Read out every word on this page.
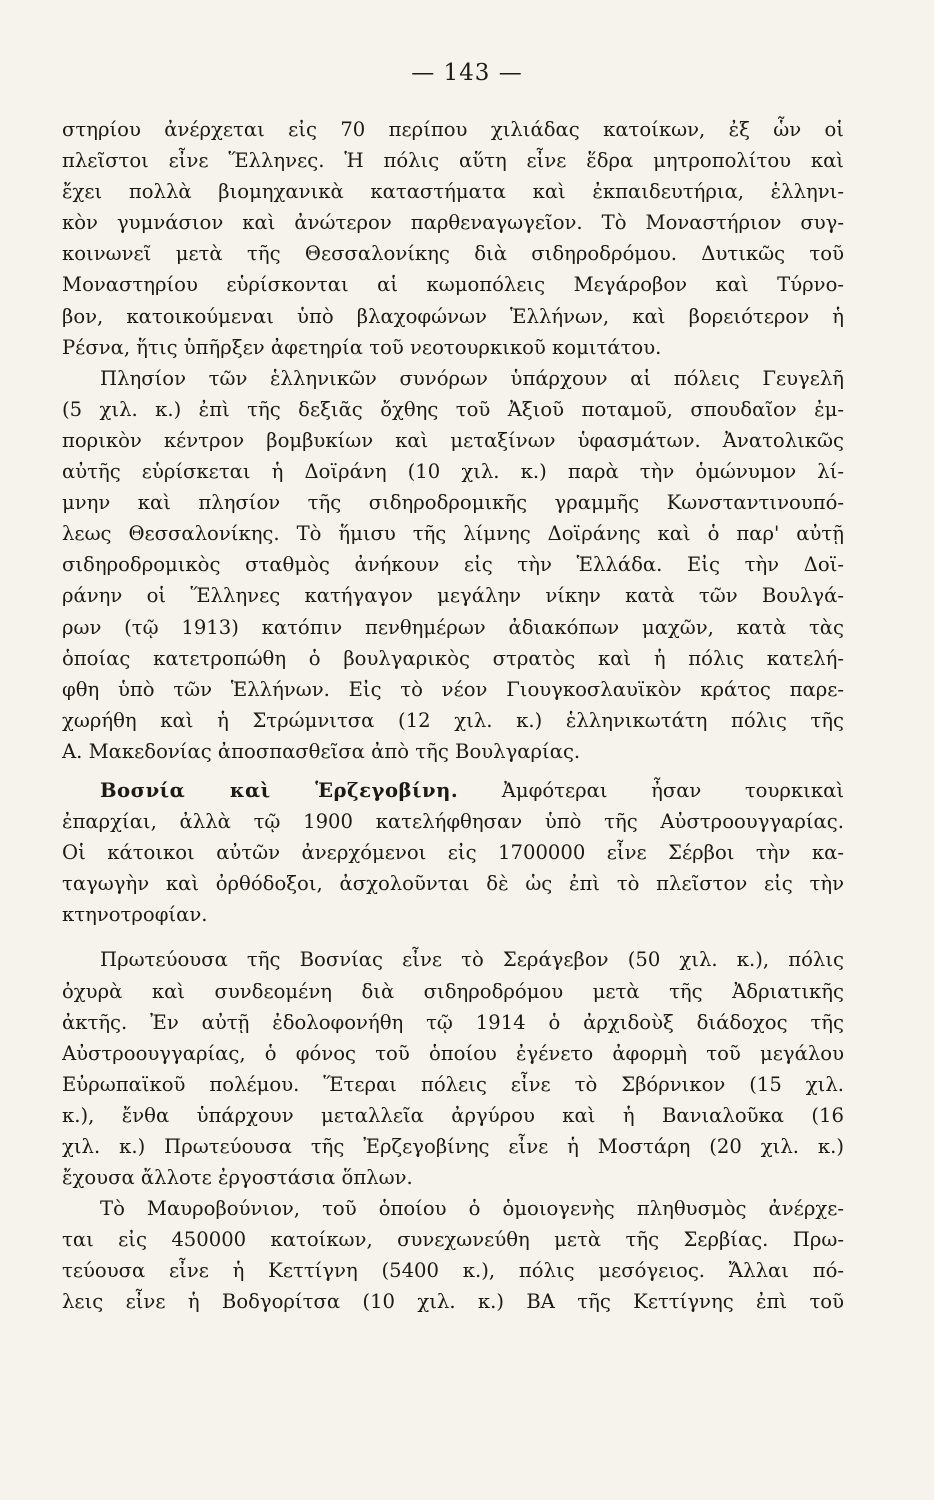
— 143 —
στηρίου ἀνέρχεται εἰς 70 περίπου χιλιάδας κατοίκων, ἐξ ὧν οἱ
πλεῖστοι εἶνε Ἕλληνες. Ἡ πόλις αὕτη εἶνε ἕδρα μητροπολίτου καὶ
ἔχει πολλὰ βιομηχανικὰ καταστήματα καὶ ἐκπαιδευτήρια, ἑλληνι-
κὸν γυμνάσιον καὶ ἀνώτερον παρθεναγωγεῖον. Τὸ Μοναστήριον συγ-
κοινωνεῖ μετὰ τῆς Θεσσαλονίκης διὰ σιδηροδρόμου. Δυτικῶς τοῦ
Μοναστηρίου εὑρίσκονται αἱ κωμοπόλεις Μεγάροβον καὶ Τύρνο-
βον, κατοικούμεναι ὑπὸ βλαχοφώνων Ἑλλήνων, καὶ βορειότερον ἡ
Ρέσνα, ἥτις ὑπῆρξεν ἀφετηρία τοῦ νεοτουρκικοῦ κομιτάτου.
Πλησίον τῶν ἑλληνικῶν συνόρων ὑπάρχουν αἱ πόλεις Γευγελῆ
(5 χιλ. κ.) ἐπὶ τῆς δεξιᾶς ὄχθης τοῦ Ἀξιοῦ ποταμοῦ, σπουδαῖον ἐμ-
πορικὸν κέντρον βομβυκίων καὶ μεταξίνων ὑφασμάτων. Ἀνατολικῶς
αὐτῆς εὑρίσκεται ἡ Δοϊράνη (10 χιλ. κ.) παρὰ τὴν ὁμώνυμον λί-
μνην καὶ πλησίον τῆς σιδηροδρομικῆς γραμμῆς Κωνσταντινουπό-
λεως Θεσσαλονίκης. Τὸ ἥμισυ τῆς λίμνης Δοϊράνης καὶ ὁ παρ' αὐτῇ
σιδηροδρομικὸς σταθμὸς ἀνήκουν εἰς τὴν Ἑλλάδα. Εἰς τὴν Δοϊ-
ράνην οἱ Ἕλληνες κατήγαγον μεγάλην νίκην κατὰ τῶν Βουλγά-
ρων (τῷ 1913) κατόπιν πενθημέρων ἀδιακόπων μαχῶν, κατὰ τὰς
ὁποίας κατετροπώθη ὁ βουλγαρικὸς στρατὸς καὶ ἡ πόλις κατελή-
φθη ὑπὸ τῶν Ἑλλήνων. Εἰς τὸ νέον Γιουγκοσλαυϊκὸν κράτος παρε-
χωρήθη καὶ ἡ Στρώμνιτσα (12 χιλ. κ.) ἑλληνικωτάτη πόλις τῆς
Α. Μακεδονίας ἀποσπασθεῖσα ἀπὸ τῆς Βουλγαρίας.
Βοσνία καὶ Ἑρζεγοβίνη. Ἀμφότεραι ἦσαν τουρκικαὶ
ἐπαρχίαι, ἀλλὰ τῷ 1900 κατελήφθησαν ὑπὸ τῆς Αὐστροουγγαρίας.
Οἱ κάτοικοι αὐτῶν ἀνερχόμενοι εἰς 1700000 εἶνε Σέρβοι τὴν κα-
ταγωγὴν καὶ ὀρθόδοξοι, ἀσχολοῦνται δὲ ὡς ἐπὶ τὸ πλεῖστον εἰς τὴν
κτηνοτροφίαν.
Πρωτεύουσα τῆς Βοσνίας εἶνε τὸ Σεράγεβον (50 χιλ. κ.), πόλις
ὀχυρὰ καὶ συνδεομένη διὰ σιδηροδρόμου μετὰ τῆς Ἀδριατικῆς
ἀκτῆς. Ἐν αὐτῇ ἐδολοφονήθη τῷ 1914 ὁ ἀρχιδοὺξ διάδοχος τῆς
Αὐστροουγγαρίας, ὁ φόνος τοῦ ὁποίου ἐγένετο ἀφορμὴ τοῦ μεγάλου
Εὐρωπαϊκοῦ πολέμου. Ἕτεραι πόλεις εἶνε τὸ Σβόρνικον (15 χιλ.
κ.), ἔνθα ὑπάρχουν μεταλλεῖα ἀργύρου καὶ ἡ Βανιαλοῦκα (16
χιλ. κ.) Πρωτεύουσα τῆς Ἐρζεγοβίνης εἶνε ἡ Μοστάρη (20 χιλ. κ.)
ἔχουσα ἄλλοτε ἐργοστάσια ὅπλων.
Τὸ Μαυροβούνιον, τοῦ ὁποίου ὁ ὁμοιογενὴς πληθυσμὸς ἀνέρχε-
ται εἰς 450000 κατοίκων, συνεχωνεύθη μετὰ τῆς Σερβίας. Πρω-
τεύουσα εἶνε ἡ Κεττίγνη (5400 κ.), πόλις μεσόγειος. Ἄλλαι πό-
λεις εἶνε ἡ Βοδγορίτσα (10 χιλ. κ.) ΒΑ τῆς Κεττίγνης ἐπὶ τοῦ
